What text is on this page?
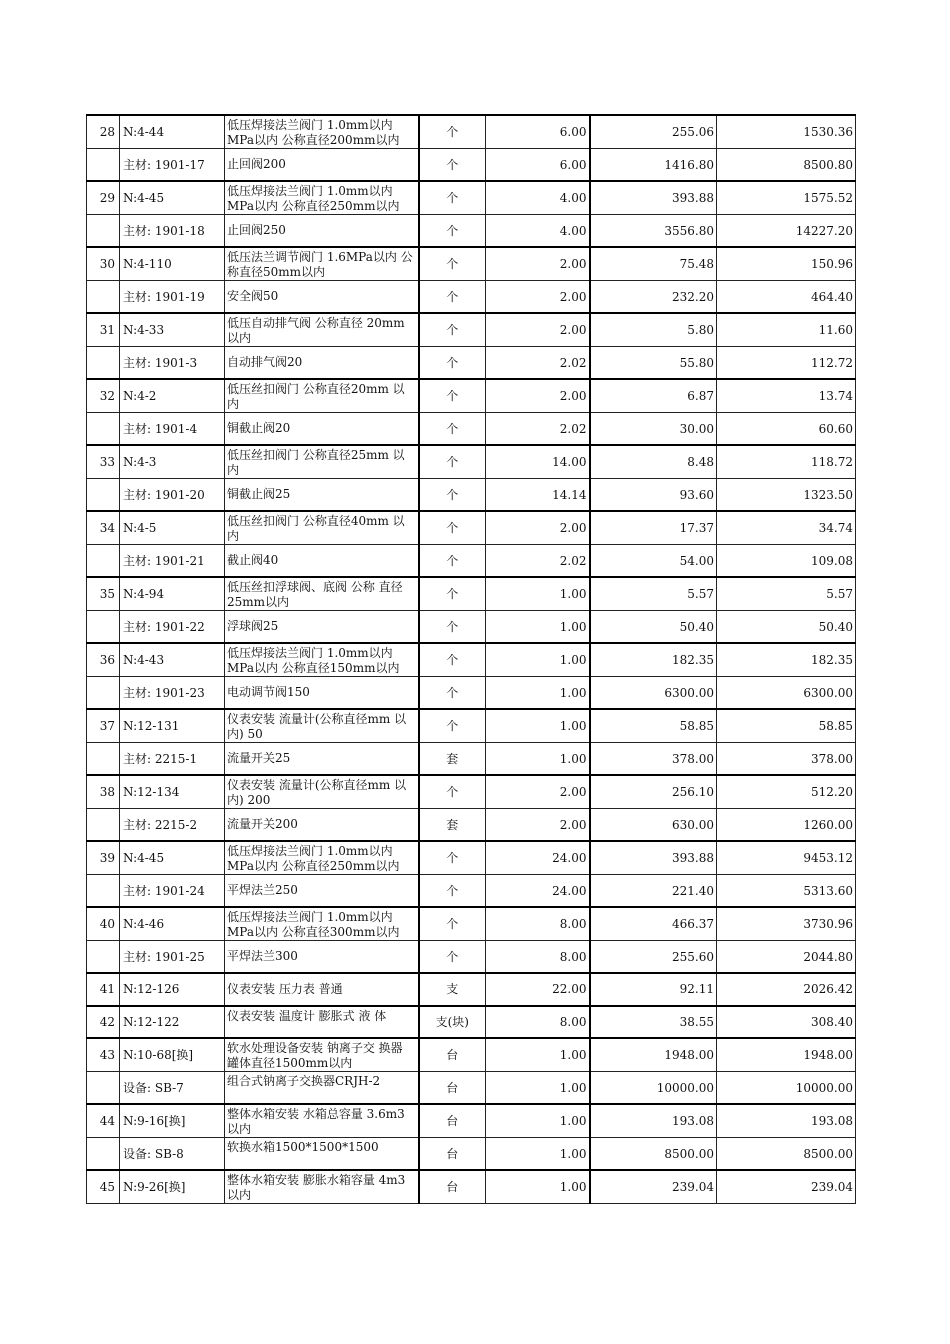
28	N:4-44	低压焊接法兰阀门 1.0mm以内 MPa以内 公称直径200mm以内	个	6.00	255.06	1530.36
	主材: 1901-17	止回阀200	个	6.00	1416.80	8500.80
29	N:4-45	低压焊接法兰阀门 1.0mm以内 MPa以内 公称直径250mm以内	个	4.00	393.88	1575.52
	主材: 1901-18	止回阀250	个	4.00	3556.80	14227.20
30	N:4-110	低压法兰调节阀门 1.6MPa以内 公称直径50mm以内	个	2.00	75.48	150.96
	主材: 1901-19	安全阀50	个	2.00	232.20	464.40
31	N:4-33	低压自动排气阀 公称直径 20mm以内	个	2.00	5.80	11.60
	主材: 1901-3	自动排气阀20	个	2.02	55.80	112.72
32	N:4-2	低压丝扣阀门 公称直径20mm 以内	个	2.00	6.87	13.74
	主材: 1901-4	铜截止阀20	个	2.02	30.00	60.60
33	N:4-3	低压丝扣阀门 公称直径25mm 以内	个	14.00	8.48	118.72
	主材: 1901-20	铜截止阀25	个	14.14	93.60	1323.50
34	N:4-5	低压丝扣阀门 公称直径40mm 以内	个	2.00	17.37	34.74
	主材: 1901-21	截止阀40	个	2.02	54.00	109.08
35	N:4-94	低压丝扣浮球阀、底阀 公称 直径25mm以内	个	1.00	5.57	5.57
	主材: 1901-22	浮球阀25	个	1.00	50.40	50.40
36	N:4-43	低压焊接法兰阀门 1.0mm以内 MPa以内 公称直径150mm以内	个	1.00	182.35	182.35
	主材: 1901-23	电动调节阀150	个	1.00	6300.00	6300.00
37	N:12-131	仪表安装 流量计(公称直径mm 以内) 50	个	1.00	58.85	58.85
	主材: 2215-1	流量开关25	套	1.00	378.00	378.00
38	N:12-134	仪表安装 流量计(公称直径mm 以内) 200	个	2.00	256.10	512.20
	主材: 2215-2	流量开关200	套	2.00	630.00	1260.00
39	N:4-45	低压焊接法兰阀门 1.0mm以内 MPa以内 公称直径250mm以内	个	24.00	393.88	9453.12
	主材: 1901-24	平焊法兰250	个	24.00	221.40	5313.60
40	N:4-46	低压焊接法兰阀门 1.0mm以内 MPa以内 公称直径300mm以内	个	8.00	466.37	3730.96
	主材: 1901-25	平焊法兰300	个	8.00	255.60	2044.80
41	N:12-126	仪表安装 压力表 普通	支	22.00	92.11	2026.42
42	N:12-122	仪表安装 温度计 膨胀式 液 体	支(块)	8.00	38.55	308.40
43	N:10-68[换]	软水处理设备安装 钠离子交 换器 罐体直径1500mm以内	台	1.00	1948.00	1948.00
	设备: SB-7	组合式钠离子交换器CRJH-2	台	1.00	10000.00	10000.00
44	N:9-16[换]	整体水箱安装 水箱总容量 3.6m3以内	台	1.00	193.08	193.08
	设备: SB-8	软换水箱1500*1500*1500	台	1.00	8500.00	8500.00
45	N:9-26[换]	整体水箱安装 膨胀水箱容量 4m3以内	台	1.00	239.04	239.04
